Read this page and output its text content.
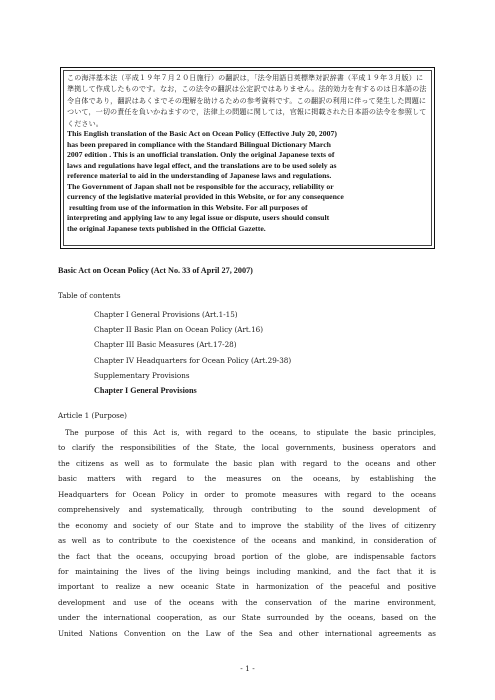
この海洋基本法（平成１９年７月２０日施行）の翻訳は，「法令用語日英標準対訳辞書（平成１９年３月版）に準拠して作成したものです。なお，この法令の翻訳は公定訳ではありません。法的効力を有するのは日本語の法令自体であり，翻訳はあくまでその理解を助けるための参考資料です。この翻訳の利用に伴って発生した問題について，一切の責任を負いかねますので，法律上の問題に関しては，官報に掲載された日本語の法令を参照してください。

This English translation of the Basic Act on Ocean Policy (Effective July 20, 2007)

has been prepared in compliance with the Standard Bilingual Dictionary March

2007 edition . This is an unofficial translation. Only the original Japanese texts of

laws and regulations have legal effect, and the translations are to be used solely as

reference material to aid in the understanding of Japanese laws and regulations.

The Government of Japan shall not be responsible for the accuracy, reliability or

currency of the legislative material provided in this Website, or for any consequence

resulting from use of the information in this Website. For all purposes of

interpreting and applying law to any legal issue or dispute, users should consult

the original Japanese texts published in the Official Gazette.

Basic Act on Ocean Policy (Act No. 33 of April 27, 2007)

Table of contents

Chapter I General Provisions (Art.1-15)
Chapter II Basic Plan on Ocean Policy (Art.16)
Chapter III Basic Measures (Art.17-28)
Chapter IV Headquarters for Ocean Policy (Art.29-38)
Supplementary Provisions
Chapter I General Provisions

Article 1 (Purpose)

The purpose of this Act is, with regard to the oceans, to stipulate the basic principles,
to clarify the responsibilities of the State, the local governments, business operators and
the citizens as well as to formulate the basic plan with regard to the oceans and other
basic matters with regard to the measures on the oceans, by establishing the
Headquarters for Ocean Policy in order to promote measures with regard to the oceans
comprehensively and systematically, through contributing to the sound development of
the economy and society of our State and to improve the stability of the lives of citizenry
as well as to contribute to the coexistence of the oceans and mankind, in consideration of
the fact that the oceans, occupying broad portion of the globe, are indispensable factors
for maintaining the lives of the living beings including mankind, and the fact that it is
important to realize a new oceanic State in harmonization of the peaceful and positive
development and use of the oceans with the conservation of the marine environment,
under the international cooperation, as our State surrounded by the oceans, based on the
United Nations Convention on the Law of the Sea and other international agreements as

- 1 -
